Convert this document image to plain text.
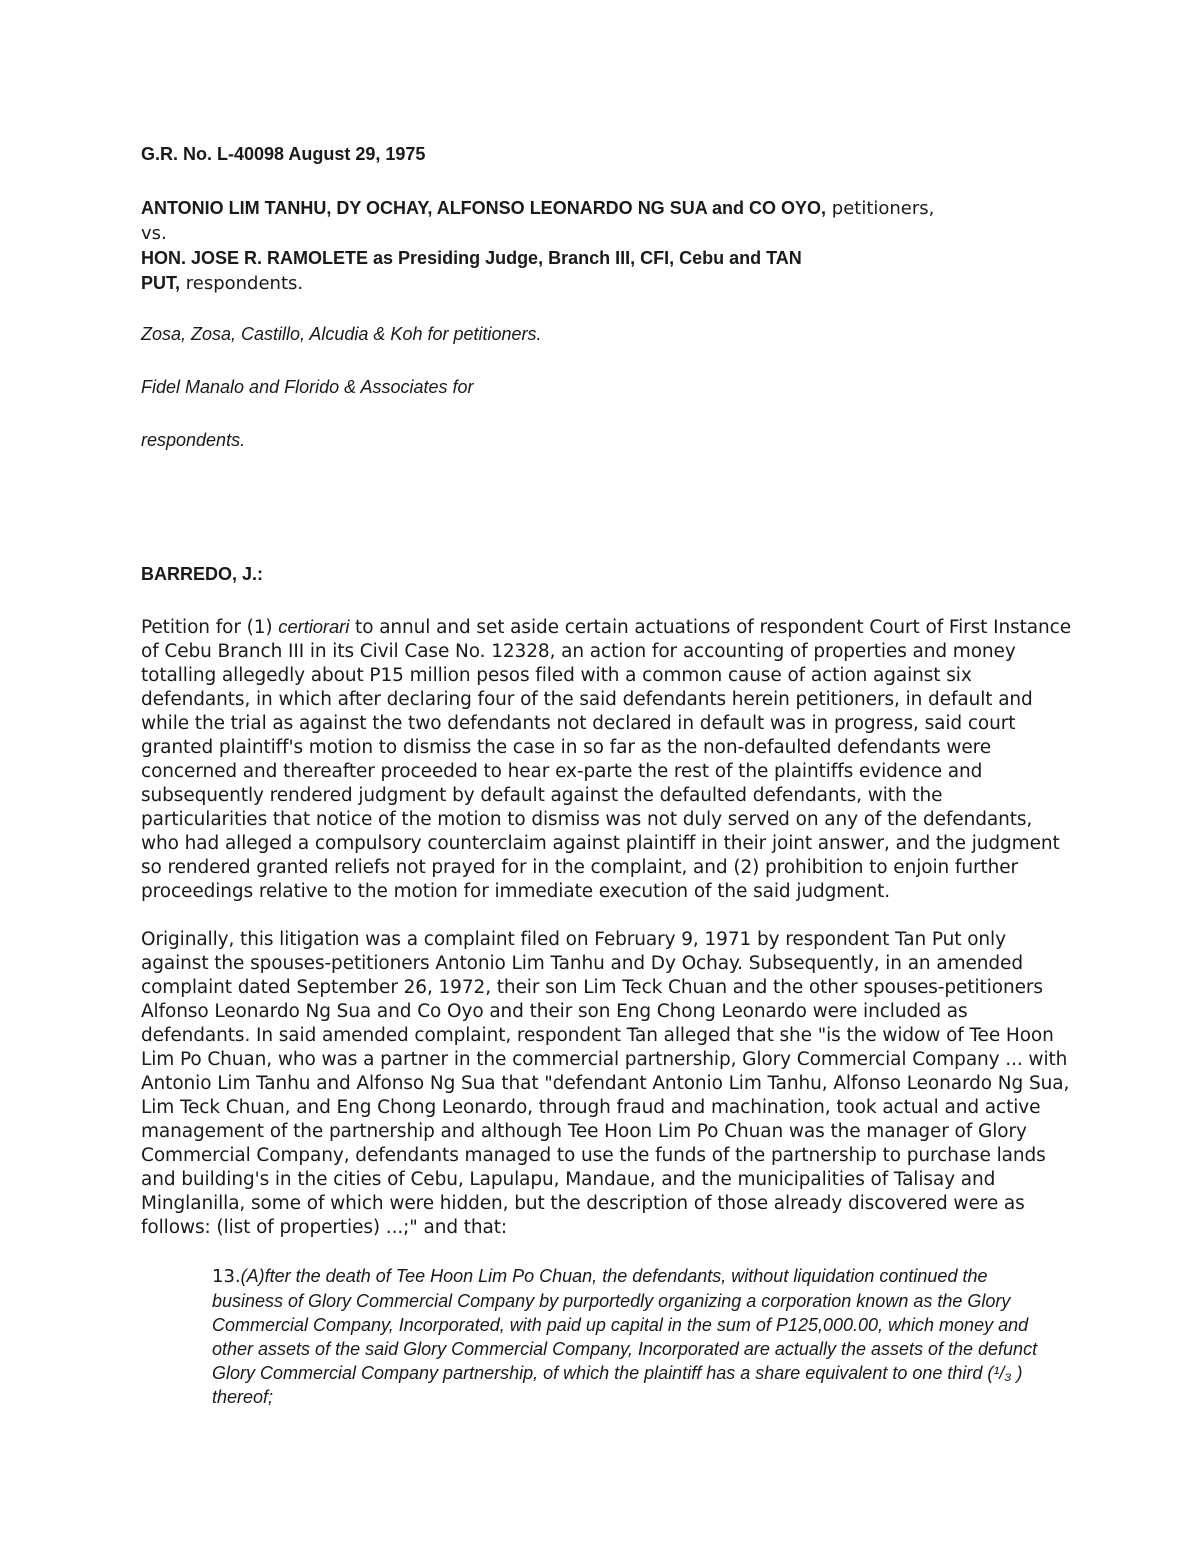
G.R. No. L-40098 August 29, 1975

ANTONIO LIM TANHU, DY OCHAY, ALFONSO LEONARDO NG SUA and CO OYO, petitioners,
vs.
HON. JOSE R. RAMOLETE as Presiding Judge, Branch III, CFI, Cebu and TAN
PUT, respondents.

Zosa, Zosa, Castillo, Alcudia & Koh for petitioners.

Fidel Manalo and Florido & Associates for

respondents.

BARREDO, J.:

Petition for (1) certiorari to annul and set aside certain actuations of respondent Court of First Instance of Cebu Branch III in its Civil Case No. 12328, an action for accounting of properties and money totalling allegedly about P15 million pesos filed with a common cause of action against six defendants, in which after declaring four of the said defendants herein petitioners, in default and while the trial as against the two defendants not declared in default was in progress, said court granted plaintiff's motion to dismiss the case in so far as the non-defaulted defendants were concerned and thereafter proceeded to hear ex-parte the rest of the plaintiffs evidence and subsequently rendered judgment by default against the defaulted defendants, with the particularities that notice of the motion to dismiss was not duly served on any of the defendants, who had alleged a compulsory counterclaim against plaintiff in their joint answer, and the judgment so rendered granted reliefs not prayed for in the complaint, and (2) prohibition to enjoin further proceedings relative to the motion for immediate execution of the said judgment.

Originally, this litigation was a complaint filed on February 9, 1971 by respondent Tan Put only against the spouses-petitioners Antonio Lim Tanhu and Dy Ochay. Subsequently, in an amended complaint dated September 26, 1972, their son Lim Teck Chuan and the other spouses-petitioners Alfonso Leonardo Ng Sua and Co Oyo and their son Eng Chong Leonardo were included as defendants. In said amended complaint, respondent Tan alleged that she "is the widow of Tee Hoon Lim Po Chuan, who was a partner in the commercial partnership, Glory Commercial Company ... with Antonio Lim Tanhu and Alfonso Ng Sua that "defendant Antonio Lim Tanhu, Alfonso Leonardo Ng Sua, Lim Teck Chuan, and Eng Chong Leonardo, through fraud and machination, took actual and active management of the partnership and although Tee Hoon Lim Po Chuan was the manager of Glory Commercial Company, defendants managed to use the funds of the partnership to purchase lands and building's in the cities of Cebu, Lapulapu, Mandaue, and the municipalities of Talisay and Minglanilla, some of which were hidden, but the description of those already discovered were as follows: (list of properties) ...;" and that:

13.(A)fter the death of Tee Hoon Lim Po Chuan, the defendants, without liquidation continued the business of Glory Commercial Company by purportedly organizing a corporation known as the Glory Commercial Company, Incorporated, with paid up capital in the sum of P125,000.00, which money and other assets of the said Glory Commercial Company, Incorporated are actually the assets of the defunct Glory Commercial Company partnership, of which the plaintiff has a share equivalent to one third (¹/₃ ) thereof;
